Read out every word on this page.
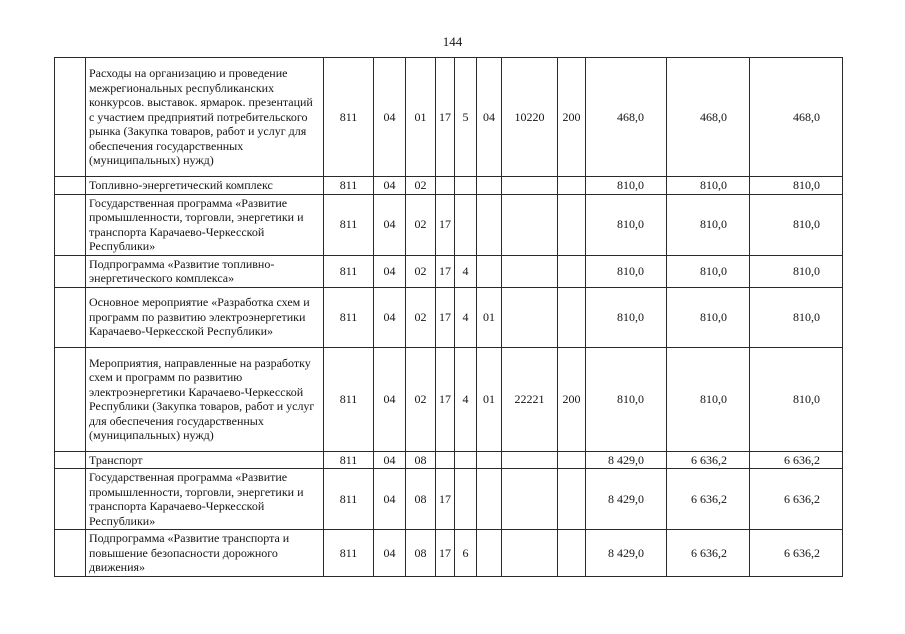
144
	Расходы на организацию и проведение межрегиональных республиканских конкурсов. выставок. ярмарок. презентаций с участием предприятий потребительского рынка (Закупка товаров, работ и услуг для обеспечения государственных (муниципальных) нужд)	811	04	01	17	5	04	10220	200	468,0	468,0	468,0
	Топливно-энергетический комплекс	811	04	02						810,0	810,0	810,0
	Государственная программа «Развитие промышленности, торговли, энергетики и транспорта Карачаево-Черкесской Республики»	811	04	02	17					810,0	810,0	810,0
	Подпрограмма «Развитие топливно-энергетического комплекса»	811	04	02	17	4				810,0	810,0	810,0
	Основное мероприятие «Разработка схем и программ по развитию электроэнергетики Карачаево-Черкесской Республики»	811	04	02	17	4	01			810,0	810,0	810,0
	Мероприятия, направленные на разработку схем и программ по развитию электроэнергетики Карачаево-Черкесской Республики (Закупка товаров, работ и услуг для обеспечения государственных (муниципальных) нужд)	811	04	02	17	4	01	22221	200	810,0	810,0	810,0
	Транспорт	811	04	08						8 429,0	6 636,2	6 636,2
	Государственная программа «Развитие промышленности, торговли, энергетики и транспорта Карачаево-Черкесской Республики»	811	04	08	17					8 429,0	6 636,2	6 636,2
	Подпрограмма «Развитие транспорта и повышение безопасности дорожного движения»	811	04	08	17	6				8 429,0	6 636,2	6 636,2
